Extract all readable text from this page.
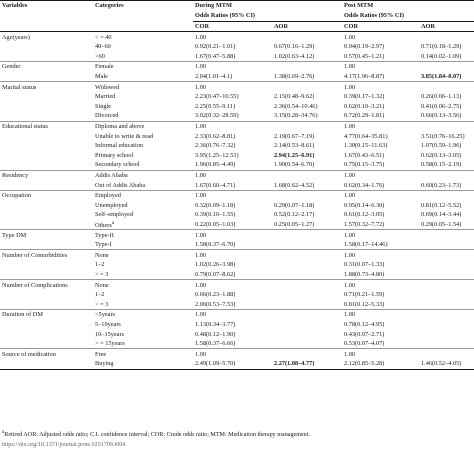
Variables	Categories	During MTM		Post MTM	
		Odds Ratios (95% CI)		Odds Ratios (95% CI)	
		COR	AOR	COR	AOR
Age(years)	< = 40	1.00		1.00	
	40–60	0.92(0.21–1.01)	0.67(0.16–1.29)	0.94(0.19–2.97)	0.71(0.18–1.29)
	>60	1.67(0.47–5.88)	1.02(0.63–4.12)	0.57(0.45–1.21)	0.14(0.02–1.09)
Gender	Female	1.00		1.00	
	Male	2.04(1.01–4.1)	1.38(0.69–2.76)	4.17(1.96–8.87)	3.85(1.84–8.07)
Marital status	Widowed	1.00		1.00	
	Married	2.23(0.47–10.55)	2.15(0.48–9.62)	0.39(0.17–1.32)	0.26(0.06–1.13)
	Single	2.25(0.55–9.11)	2.36(0.54–10.46)	0.62(0.10–3.21)	0.41(0.06–2.75)
	Divorced	3.02(0.32–28.59)	3.15(0.28–34.76)	0.72(0.29–1.81)	0.66(0.13–3.56)
Educational status	Diploma and above	1.00		1.00	
	Unable to write & read	2.33(0.62–8.81)	2.19(0.67–7.19)	4.77(0.64–35.81)	3.51(0.76–16.25)
	Informal education	2.36(0.76–7.32)	2.14(0.53–8.61)	1.30(0.15–11.63)	1.07(0.59–1.96)
	Primary school	3.95(1.25–12.53)	2.94(1.25–6.91)	1.67(0.43–6.51)	0.62(0.13–3.05)
	Secondary school	1.96(0.85–4.49)	1.90(0.54–6.70)	0.75(0.15–3.75)	0.58(0.15–2.19)
Residency	Addis Ababa	1.00		1.00	
	Out of Addis Ababa	1.67(0.60–4.71)	1.68(0.62–4.52)	0.62(0.34–1.76)	0.60(0.23–1.73)
Occupation	Employed	1.00		1.00	
	Unemployed	0.32(0.09–1.18)	0.29(0.07–1.18)	0.95(0.14–6.30)	0.81(0.12–5.52)
	Self–employed	0.39(0.10–1.55)	0.52(0.12–2.17)	0.61(0.12–3.05)	0.69(0.14–3.44)
	Others$^a$	0.22(0.05–1.03)	0.25(0.05–1.27)	1.57(0.32–7.72)	0.29(0.05–1.54)
Type DM	Type-II	1.00		1.00	
	Type-I	1.58(0.37–6.70)		1.58(0.17–14.46)	
Number of Comorbidities	None	1.00		1.00	
	1–2	1.02(0.26–3.98)		0.31(0.07–1.33)	
	> = 3	0.79(0.07–8.62)		1.88(0.73–4.80)	
Number of Complications	None	1.00		1.00	
	1–2	0.66(0.23–1.88)		0.71(0.21–1.59)	
	> = 3	2.00(0.53–7.53)		0.81(0.12–5.33)	
Duration of DM	<5years	1.00		1.00	
	5–10years	1.13(0.34–3.77)		0.78(0.12–4.95)	
	10–15years	0.48(0.12–1.90)		0.43(0.07–2.71)	
	> = 15years	1.58(0.37–6.66)		0.53(0.07–4.07)	
Source of medication	Free	1.00		1.00	
	Buying	2.49(1.09–5.70)	2.27(1.08–4.77)	2.12(0.85–5.28)	1.46(0.52–4.05)
$^a$Retired AOR: Adjusted odds ratio; C.I. confidence interval; COR: Crude odds ratio; MTM: Medication therapy management.
https://doi.org/10.1371/journal.pone.0251709.t004
